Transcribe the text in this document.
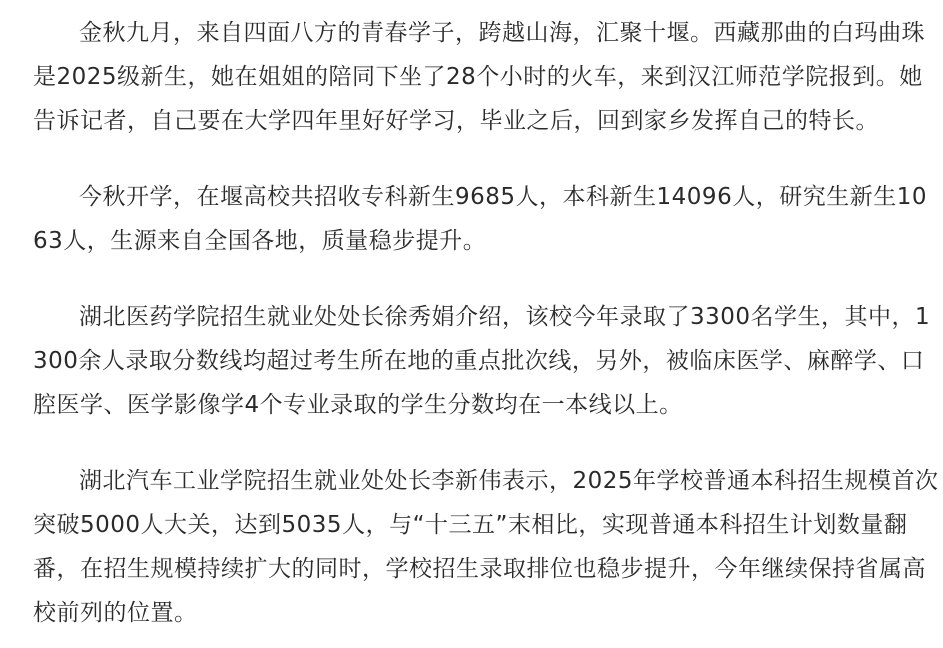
金秋九月，来自四面八方的青春学子，跨越山海，汇聚十堰。西藏那曲的白玛曲珠是2025级新生，她在姐姐的陪同下坐了28个小时的火车，来到汉江师范学院报到。她告诉记者，自己要在大学四年里好好学习，毕业之后，回到家乡发挥自己的特长。

今秋开学，在堰高校共招收专科新生9685人，本科新生14096人，研究生新生1063人，生源来自全国各地，质量稳步提升。

湖北医药学院招生就业处处长徐秀娟介绍，该校今年录取了3300名学生，其中，1300余人录取分数线均超过考生所在地的重点批次线，另外，被临床医学、麻醉学、口腔医学、医学影像学4个专业录取的学生分数均在一本线以上。

湖北汽车工业学院招生就业处处长李新伟表示，2025年学校普通本科招生规模首次突破5000人大关，达到5035人，与“十三五”末相比，实现普通本科招生计划数量翻番，在招生规模持续扩大的同时，学校招生录取排位也稳步提升，今年继续保持省属高校前列的位置。
